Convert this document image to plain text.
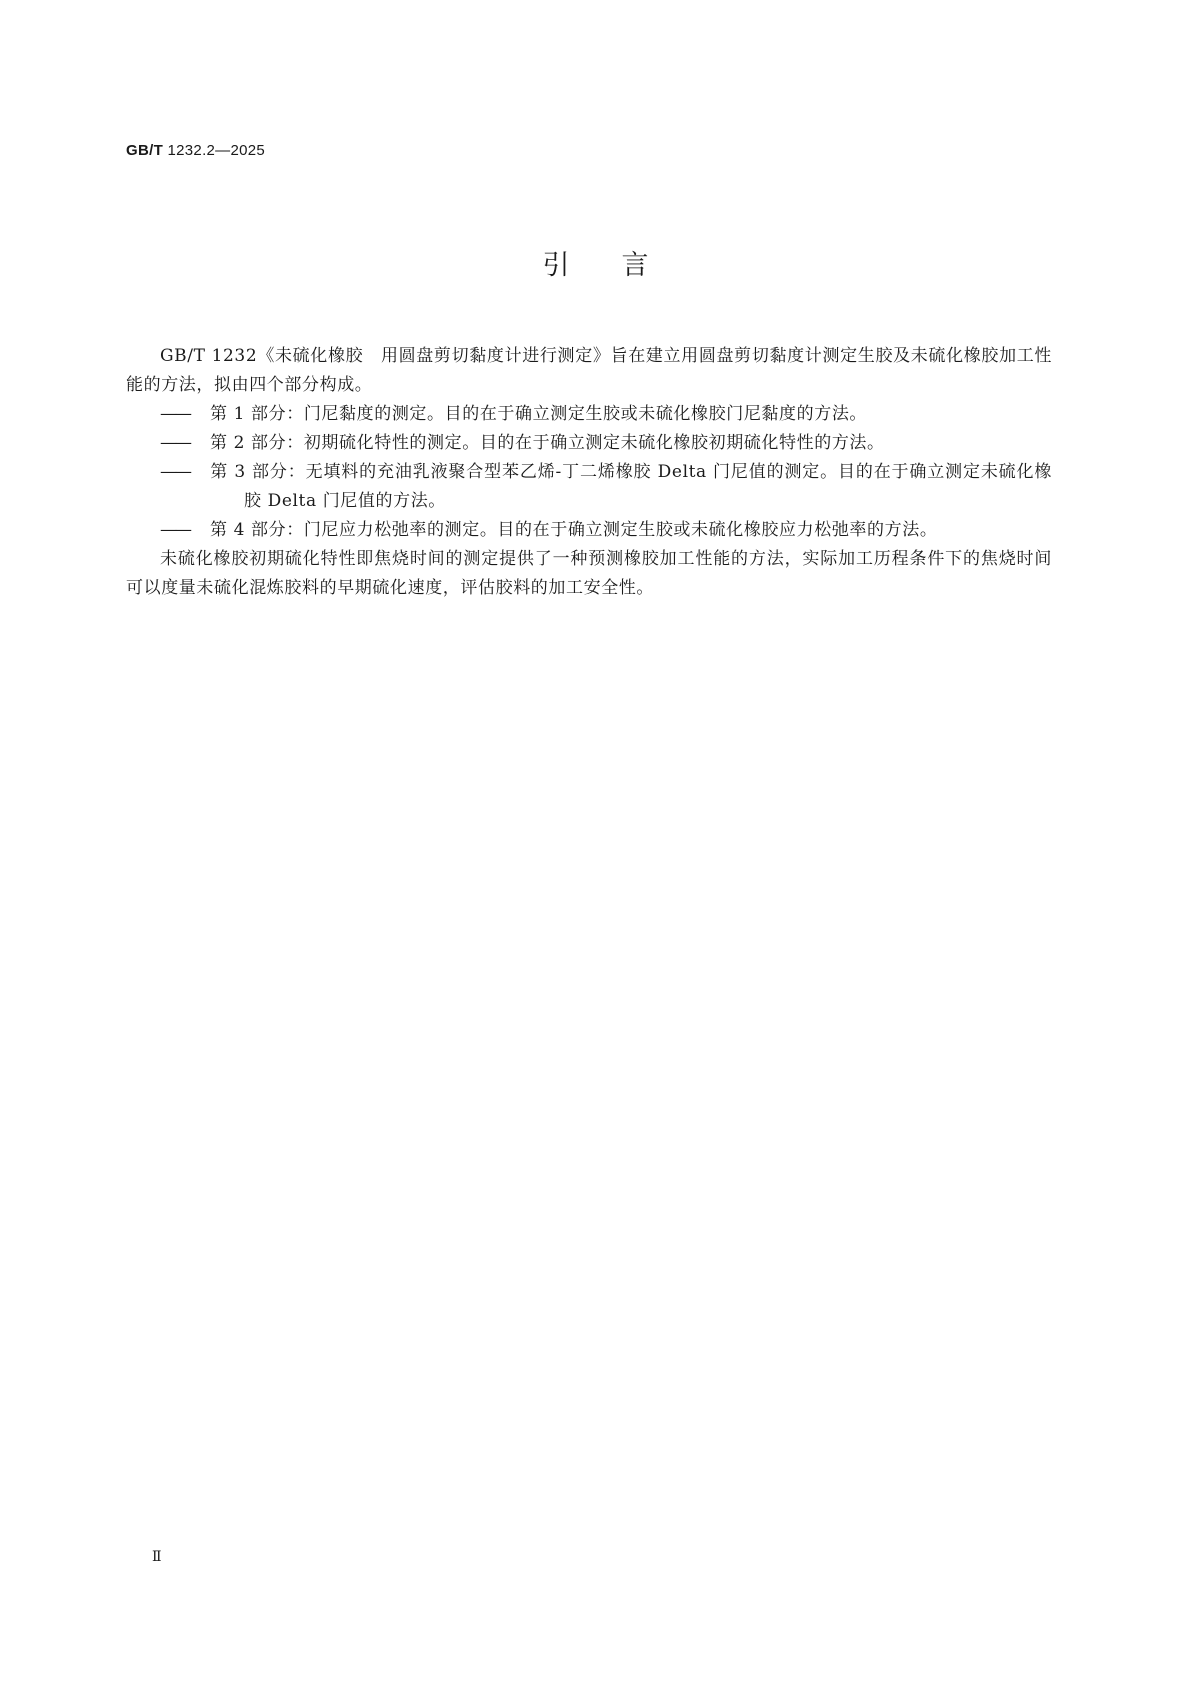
GB/T 1232.2—2025
引言

GB/T 1232《未硫化橡胶　用圆盘剪切黏度计进行测定》旨在建立用圆盘剪切黏度计测定生胶及未硫化橡胶加工性能的方法，拟由四个部分构成。

—— 第 1 部分：门尼黏度的测定。目的在于确立测定生胶或未硫化橡胶门尼黏度的方法。

—— 第 2 部分：初期硫化特性的测定。目的在于确立测定未硫化橡胶初期硫化特性的方法。

—— 第 3 部分：无填料的充油乳液聚合型苯乙烯-丁二烯橡胶 Delta 门尼值的测定。目的在于确立测定未硫化橡胶 Delta 门尼值的方法。

—— 第 4 部分：门尼应力松弛率的测定。目的在于确立测定生胶或未硫化橡胶应力松弛率的方法。

未硫化橡胶初期硫化特性即焦烧时间的测定提供了一种预测橡胶加工性能的方法，实际加工历程条件下的焦烧时间可以度量未硫化混炼胶料的早期硫化速度，评估胶料的加工安全性。

Ⅱ
